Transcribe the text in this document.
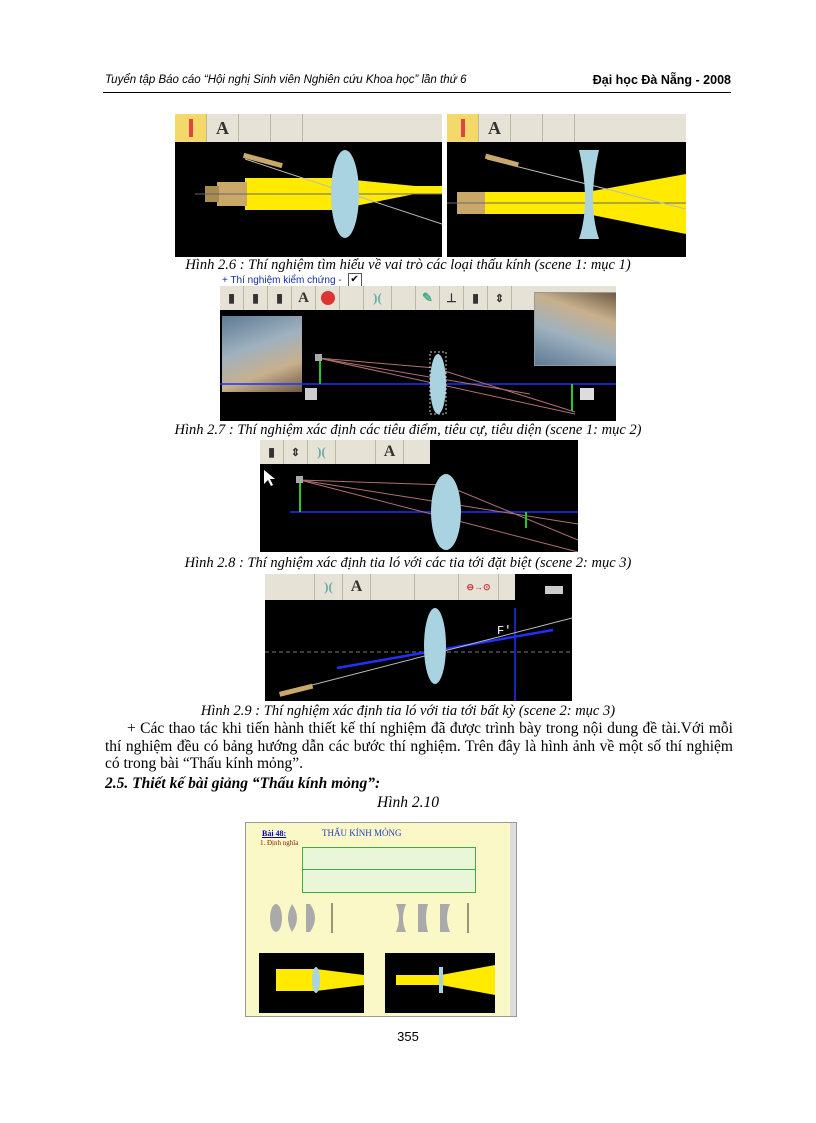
Tuyển tập Báo cáo “Hội nghị Sinh viên Nghiên cứu Khoa học” lần thứ 6	Đại học Đà Nẵng - 2008
A	A
Hình 2.6 : Thí nghiệm tìm hiểu về vai trò các loại thấu kính (scene 1: mục 1)
+ Thí nghiệm kiểm chứng - ✔
▮	▮	▮	A	)(	✎	⊥	▮	⇕
Hình 2.7 : Thí nghiệm xác định các tiêu điểm, tiêu cự, tiêu diện (scene 1: mục 2)
▮	⇕	)(	A
Hình 2.8 : Thí nghiệm xác định tia ló với các tia tới đặt biệt (scene 2: mục 3)
)(	A	⊖→⊙
F'
Hình 2.9 : Thí nghiệm xác định tia ló với tia tới bất kỳ (scene 2: mục 3)
+ Các thao tác khi tiến hành thiết kế thí nghiệm đã được trình bày trong nội dung đề tài.Với mỗi thí nghiệm đều có bảng hướng dẫn các bước thí nghiệm. Trên đây là hình ảnh về một số thí nghiệm có trong bài “Thấu kính mỏng”.
2.5. Thiết kế bài giảng “Thấu kính mỏng”:
Hình 2.10
Bài 48:	THẤU KÍNH MỎNG
1. Định nghĩa
355
